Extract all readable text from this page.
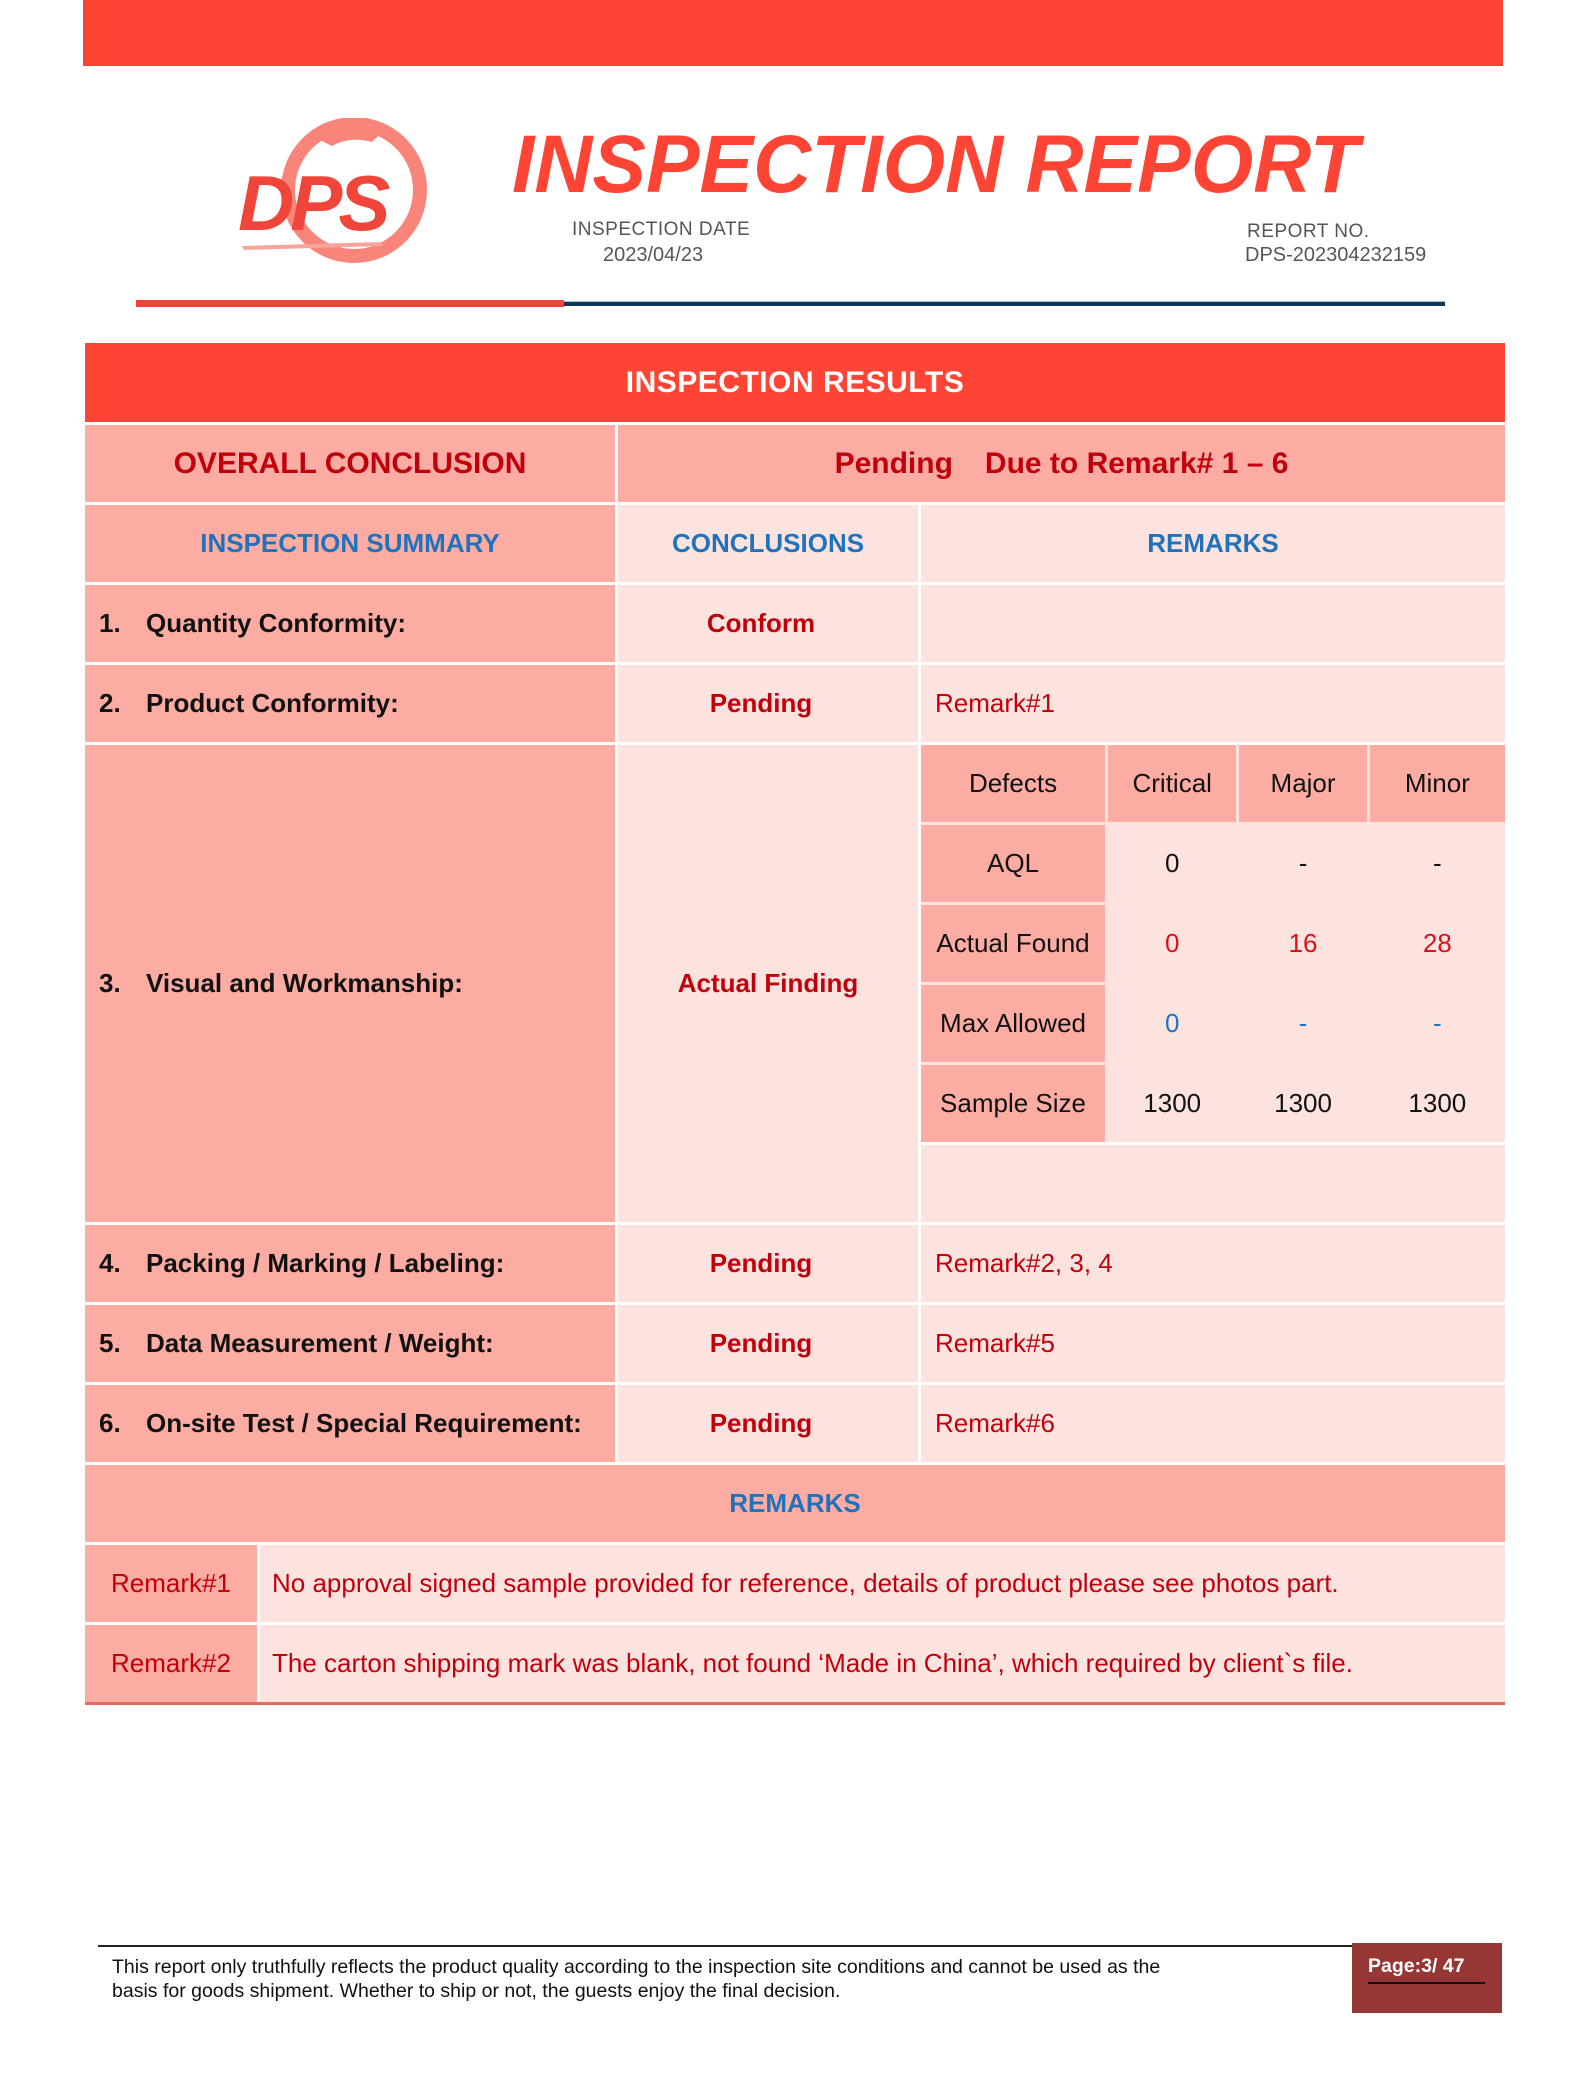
DPS INSPECTION REPORT
INSPECTION DATE
2023/04/23
REPORT NO.
DPS-202304232159
INSPECTION RESULTS
OVERALL CONCLUSION	Pending Due to Remark# 1 – 6
INSPECTION SUMMARY	CONCLUSIONS	REMARKS
1. Quantity Conformity:	Conform
2. Product Conformity:	Pending	Remark#1
3. Visual and Workmanship:	Actual Finding
Defects	Critical	Major	Minor
AQL	0	-	-
Actual Found	0	16	28
Max Allowed	0	-	-
Sample Size	1300	1300	1300
4. Packing / Marking / Labeling:	Pending	Remark#2, 3, 4
5. Data Measurement / Weight:	Pending	Remark#5
6. On-site Test / Special Requirement:	Pending	Remark#6
REMARKS
Remark#1	No approval signed sample provided for reference, details of product please see photos part.
Remark#2	The carton shipping mark was blank, not found ‘Made in China’, which required by client`s file.
This report only truthfully reflects the product quality according to the inspection site conditions and cannot be used as the
basis for goods shipment. Whether to ship or not, the guests enjoy the final decision.
Page:3/ 47
